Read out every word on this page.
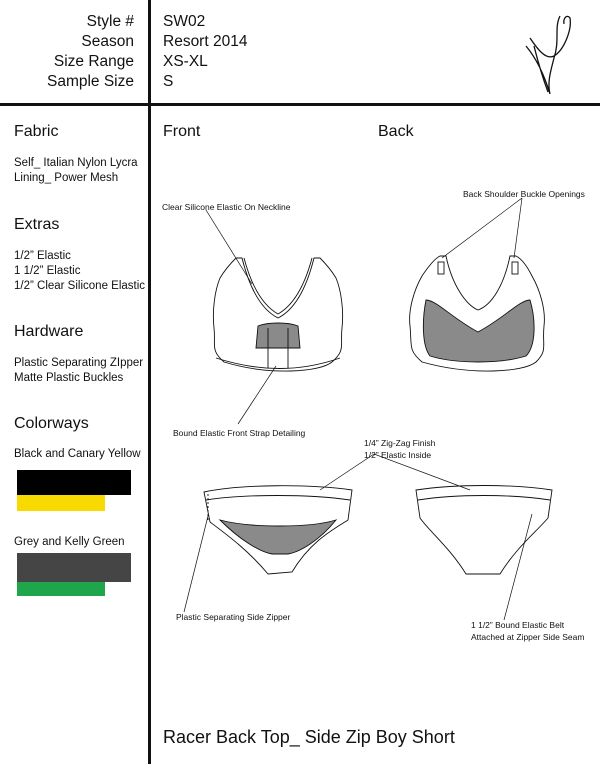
Style #
Season
Size Range
Sample Size
SW02
Resort 2014
XS-XL
S
Fabric
Self_ Italian Nylon Lycra
Lining_ Power Mesh
Extras
1/2” Elastic
1 1/2” Elastic
1/2” Clear Silicone Elastic
Hardware
Plastic Separating ZIpper
Matte Plastic Buckles
Colorways
Black and Canary Yellow
Grey and Kelly Green
Front	Back
Clear Silicone Elastic On Neckline
Back Shoulder Buckle Openings
Bound Elastic Front Strap Detailing
1/4” Zig-Zag Finish
1/2” Elastic Inside
Plastic Separating Side Zipper
1 1/2” Bound Elastic Belt
Attached at Zipper Side Seam
Racer Back Top_ Side Zip Boy Short
